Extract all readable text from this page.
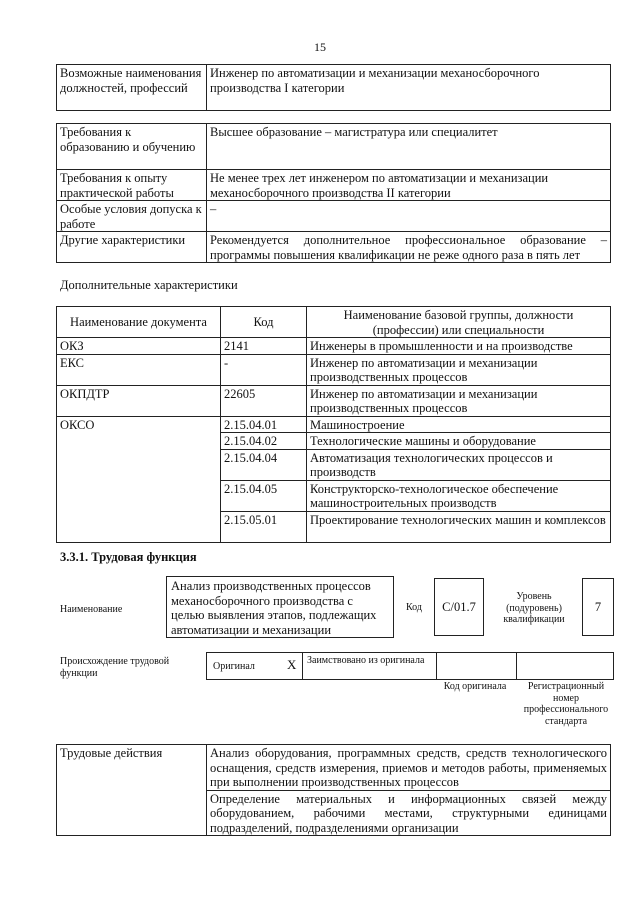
15
Возможные наименования должностей, профессий	Инженер по автоматизации и механизации механосборочного производства I категории
Требования к образованию и обучению	Высшее образование – магистратура или специалитет
Требования к опыту практической работы	Не менее трех лет инженером по автоматизации и механизации механосборочного производства II категории
Особые условия допуска к работе	–
Другие характеристики	Рекомендуется дополнительное профессиональное образование – программы повышения квалификации не реже одного раза в пять лет
Дополнительные характеристики
Наименование документа	Код	Наименование базовой группы, должности (профессии) или специальности
ОКЗ	2141	Инженеры в промышленности и на производстве
ЕКС	-	Инженер по автоматизации и механизации производственных процессов
ОКПДТР	22605	Инженер по автоматизации и механизации производственных процессов
ОКСО	2.15.04.01	Машиностроение
	2.15.04.02	Технологические машины и оборудование
	2.15.04.04	Автоматизация технологических процессов и производств
	2.15.04.05	Конструкторско-технологическое обеспечение машиностроительных производств
	2.15.05.01	Проектирование технологических машин и комплексов
3.3.1. Трудовая функция
Наименование
Анализ производственных процессов механосборочного производства с целью выявления этапов, подлежащих автоматизации и механизации
Код	C/01.7
Уровень (подуровень) квалификации
7
Происхождение трудовой функции
Оригинал X Заимствовано из оригинала
Код оригинала	Регистрационный номер профессионального стандарта
Трудовые действия	Анализ оборудования, программных средств, средств технологического оснащения, средств измерения, приемов и методов работы, применяемых при выполнении производственных процессов
Определение материальных и информационных связей между оборудованием, рабочими местами, структурными единицами подразделений, подразделениями организации
